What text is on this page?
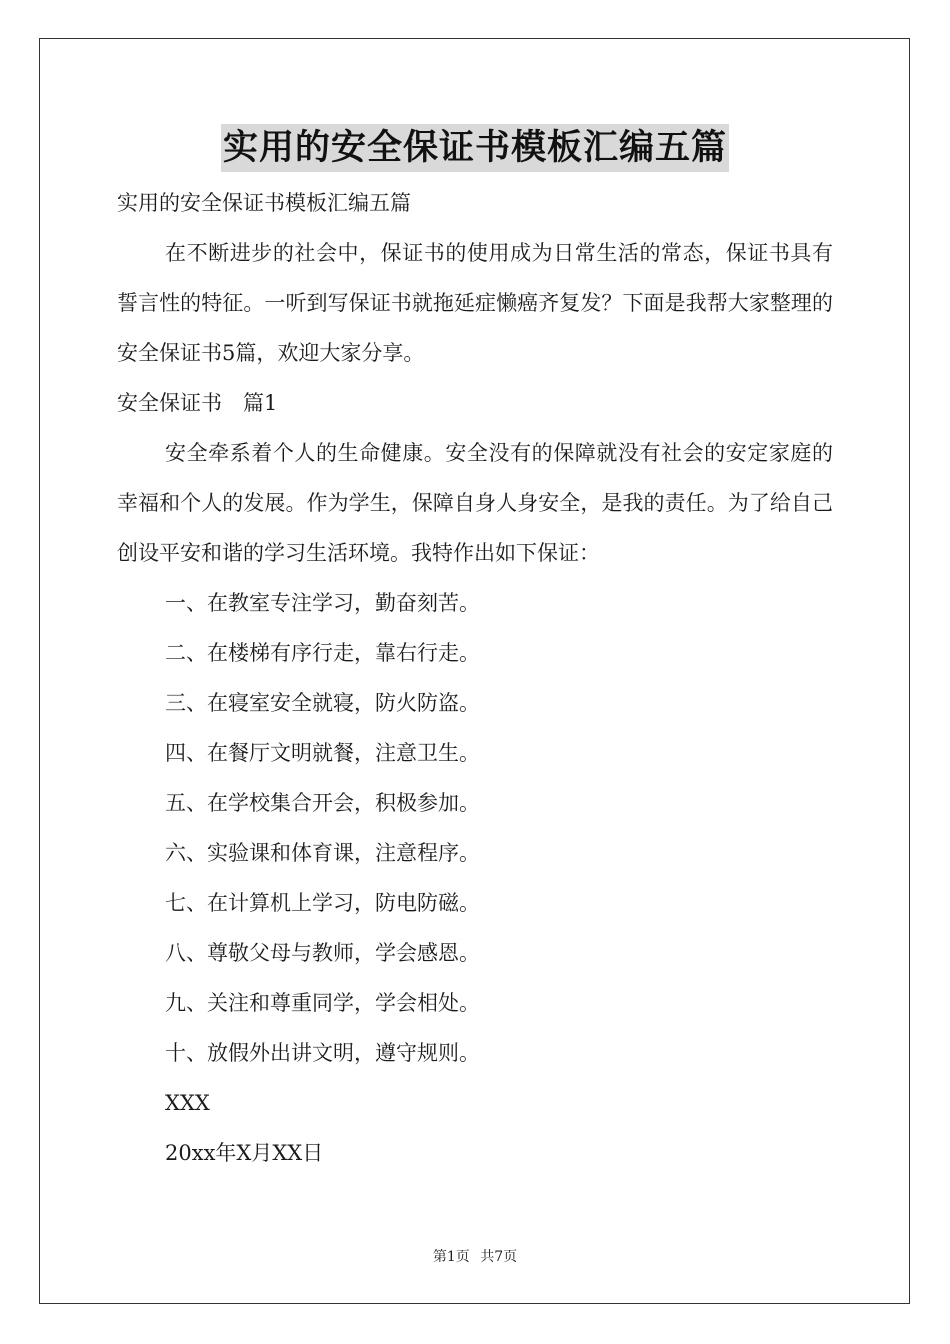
实用的安全保证书模板汇编五篇

实用的安全保证书模板汇编五篇

在不断进步的社会中，保证书的使用成为日常生活的常态，保证书具有誓言性的特征。一听到写保证书就拖延症懒癌齐复发？下面是我帮大家整理的安全保证书5篇，欢迎大家分享。

安全保证书　篇1

安全牵系着个人的生命健康。安全没有的保障就没有社会的安定家庭的幸福和个人的发展。作为学生，保障自身人身安全，是我的责任。为了给自己创设平安和谐的学习生活环境。我特作出如下保证：

一、在教室专注学习，勤奋刻苦。

二、在楼梯有序行走，靠右行走。

三、在寝室安全就寝，防火防盗。

四、在餐厅文明就餐，注意卫生。

五、在学校集合开会，积极参加。

六、实验课和体育课，注意程序。

七、在计算机上学习，防电防磁。

八、尊敬父母与教师，学会感恩。

九、关注和尊重同学，学会相处。

十、放假外出讲文明，遵守规则。

XXX

20xx年X月XX日

第1页 共7页
